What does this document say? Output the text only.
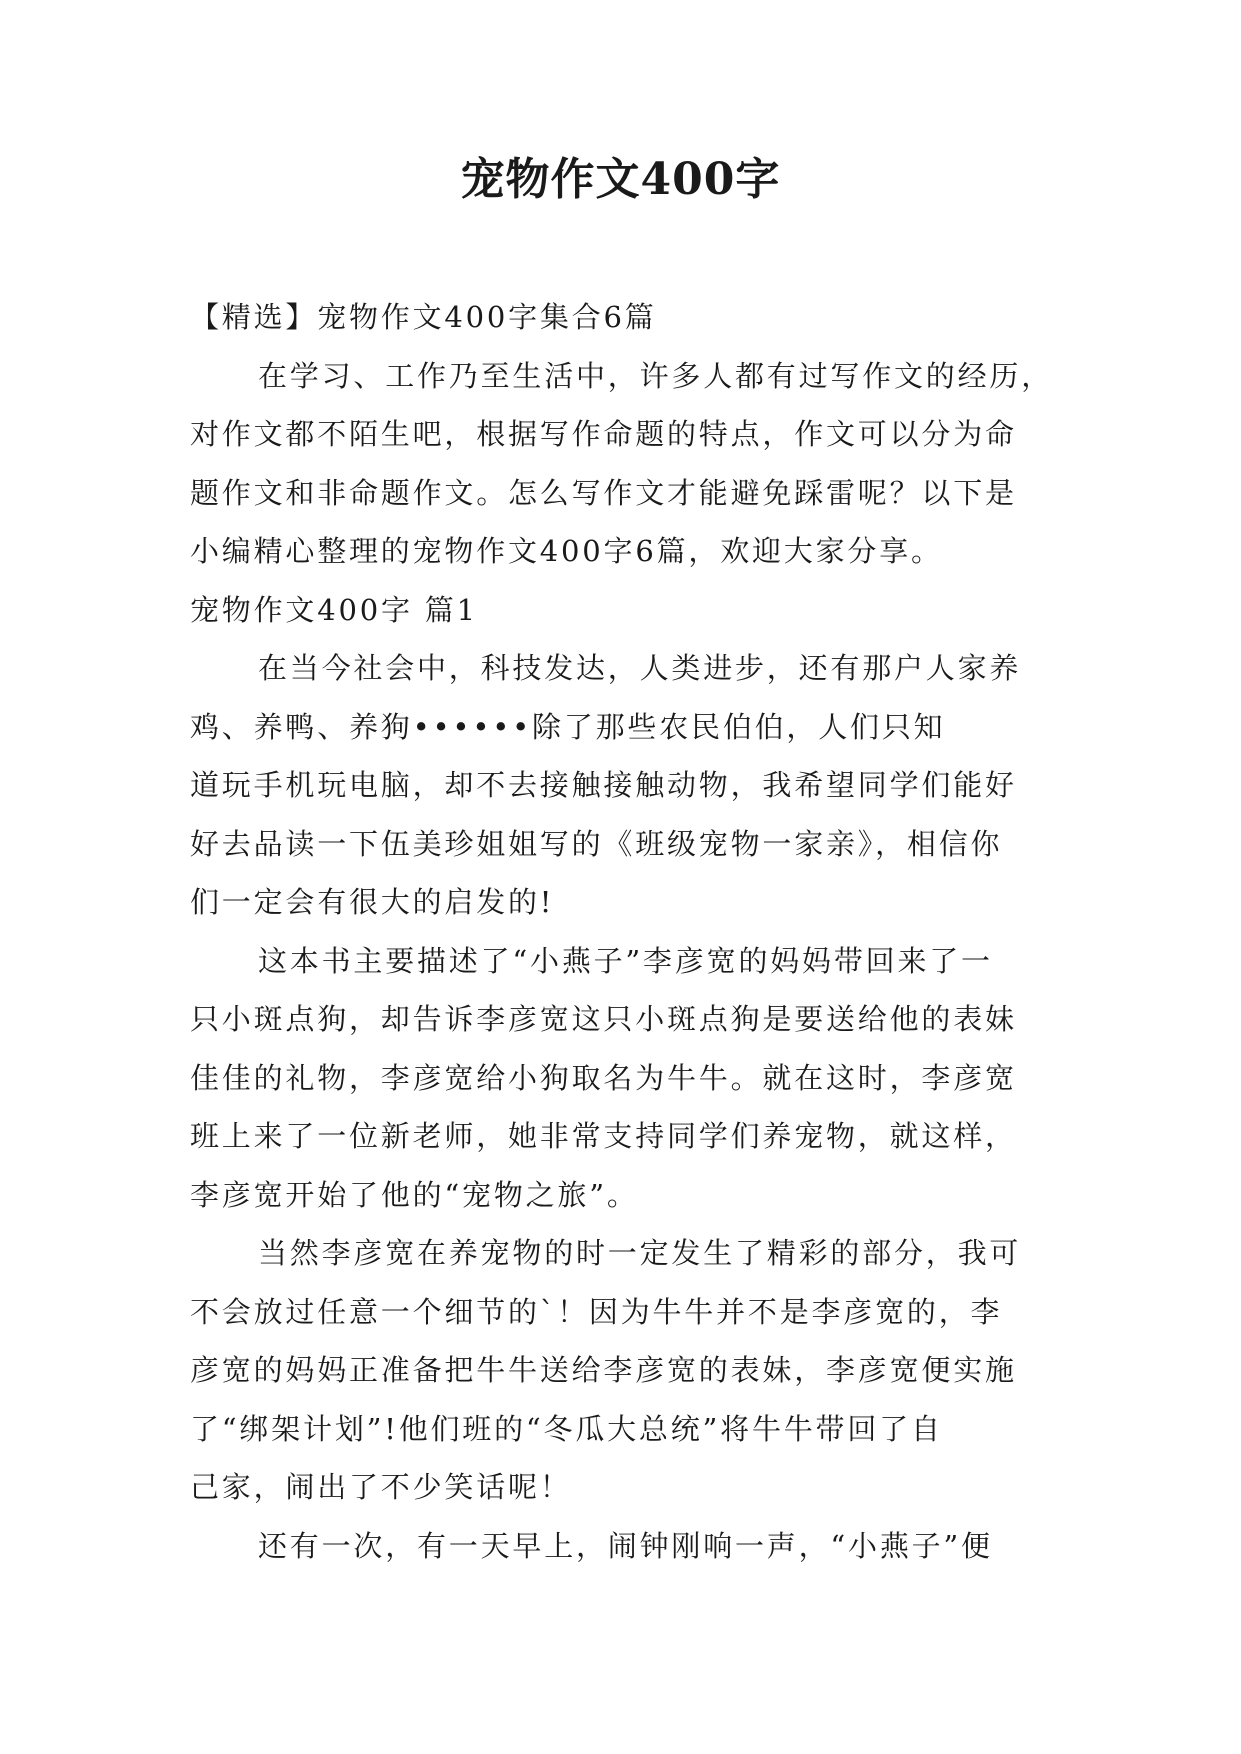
宠物作文400字

【精选】宠物作文400字集合6篇

在学习、工作乃至生活中，许多人都有过写作文的经历，

对作文都不陌生吧，根据写作命题的特点，作文可以分为命

题作文和非命题作文。怎么写作文才能避免踩雷呢？以下是

小编精心整理的宠物作文400字6篇，欢迎大家分享。

宠物作文400字 篇1

在当今社会中，科技发达，人类进步，还有那户人家养

鸡、养鸭、养狗••••••除了那些农民伯伯，人们只知

道玩手机玩电脑，却不去接触接触动物，我希望同学们能好

好去品读一下伍美珍姐姐写的《班级宠物一家亲》，相信你

们一定会有很大的启发的!

这本书主要描述了“小燕子”李彦宽的妈妈带回来了一

只小斑点狗，却告诉李彦宽这只小斑点狗是要送给他的表妹

佳佳的礼物，李彦宽给小狗取名为牛牛。就在这时，李彦宽

班上来了一位新老师，她非常支持同学们养宠物，就这样，

李彦宽开始了他的“宠物之旅”。

当然李彦宽在养宠物的时一定发生了精彩的部分，我可

不会放过任意一个细节的`！因为牛牛并不是李彦宽的，李

彦宽的妈妈正准备把牛牛送给李彦宽的表妹，李彦宽便实施

了“绑架计划”!他们班的“冬瓜大总统”将牛牛带回了自

己家，闹出了不少笑话呢！

还有一次，有一天早上，闹钟刚响一声，“小燕子”便
